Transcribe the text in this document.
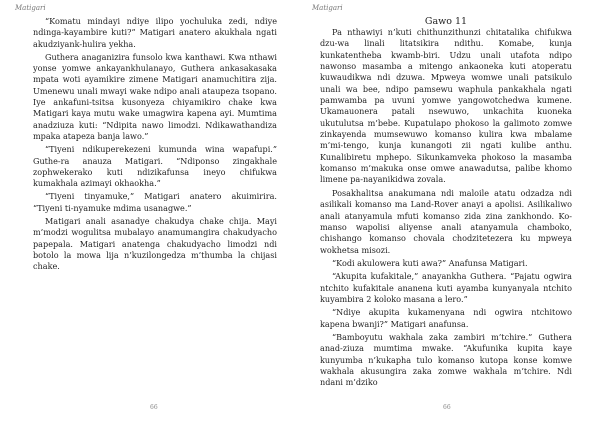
Matigari

“Komatu mindayi ndiye ilipo yochuluka zedi, ndiye ndinga-kayambire kuti?” Matigari anatero akukhala ngati akudziyank-hulira yekha.

Guthera anaganizira funsolo kwa kanthawi. Kwa nthawi yonse yomwe ankayankhulanayo, Guthera ankasakasaka mpata woti ayamikire zimene Matigari anamuchitira zija. Umenewu unali mwayi wake ndipo anali ataupeza tsopano. Iye ankafuni-tsitsa kusonyeza chiyamikiro chake kwa Matigari kaya mutu wake umagwira kapena ayi. Mumtima anadziuza kuti: “Ndipita nawo limodzi. Ndikawathandiza mpaka atapeza banja lawo.”

“Tiyeni ndikuperekezeni kumunda wina wapafupi.” Guthe-ra anauza Matigari. “Ndiponso zingakhale zophwekerako kuti ndizikafunsa ineyo chifukwa kumakhala azimayi okhaokha.”

“Tiyeni tinyamuke,” Matigari anatero akuimirira. “Tiyeni ti-nyamuke mdima usanagwe.”

Matigari anali asanadye chakudya chake chija. Mayi m’modzi wogulitsa mubalayo anamumangira chakudyacho papepala. Matigari anatenga chakudyacho limodzi ndi botolo la mowa lija n’kuzilongedza m’thumba la chijasi chake.

66
Matigari
Gawo 11

Pa nthawiyi n’kuti chithunzithunzi chitatalika chifukwa dzu-wa linali litatsikira ndithu. Komabe, kunja kunkatentheba kwamb-biri. Udzu unali utafota ndipo nawonso masamba a mitengo ankaoneka kuti atoperatu kuwaudikwa ndi dzuwa. Mpweya womwe unali patsikulo unali wa bee, ndipo pamsewu waphula pankakhala ngati pamwamba pa uvuni yomwe yangowotchedwa kumene. Ukamauonera patali nsewuwo, unkachita kuoneka ukutulutsa m’bebe. Kupatulapo phokoso la galimoto zomwe zinkayenda mumsewuwo komanso kulira kwa mbalame m’mi-tengo, kunja kunangoti zii ngati kulibe anthu. Kunalibiretu mphepo. Sikunkamveka phokoso la masamba komanso m’makuka onse omwe anawadutsa, palibe khomo limene pa-nayanikidwa zovala.

Posakhalitsa anakumana ndi maloile atatu odzadza ndi asilikali komanso ma Land-Rover anayi a apolisi. Asilikaliwo anali atanyamula mfuti komanso zida zina zankhondo. Ko-manso wapolisi aliyense anali atanyamula chamboko, chishango komanso chovala chodzitetezera ku mpweya wokhetsa misozi.

“Kodi akulowera kuti awa?” Anafunsa Matigari.

“Akupita kufakitale,” anayankha Guthera. “Pajatu ogwira ntchito kufakitale ananena kuti ayamba kunyanyala ntchito kuyambira 2 koloko masana a lero.”

“Ndiye akupita kukamenyana ndi ogwira ntchitowo kapena bwanji?” Matigari anafunsa.

“Bamboyutu wakhala zaka zambiri m’tchire.” Guthera anad-ziuza mumtima mwake. “Akufunika kupita kaye kunyumba n’kukapha tulo komanso kutopa konse komwe wakhala akusungira zaka zomwe wakhala m’tchire. Ndi ndani m’dziko

66
